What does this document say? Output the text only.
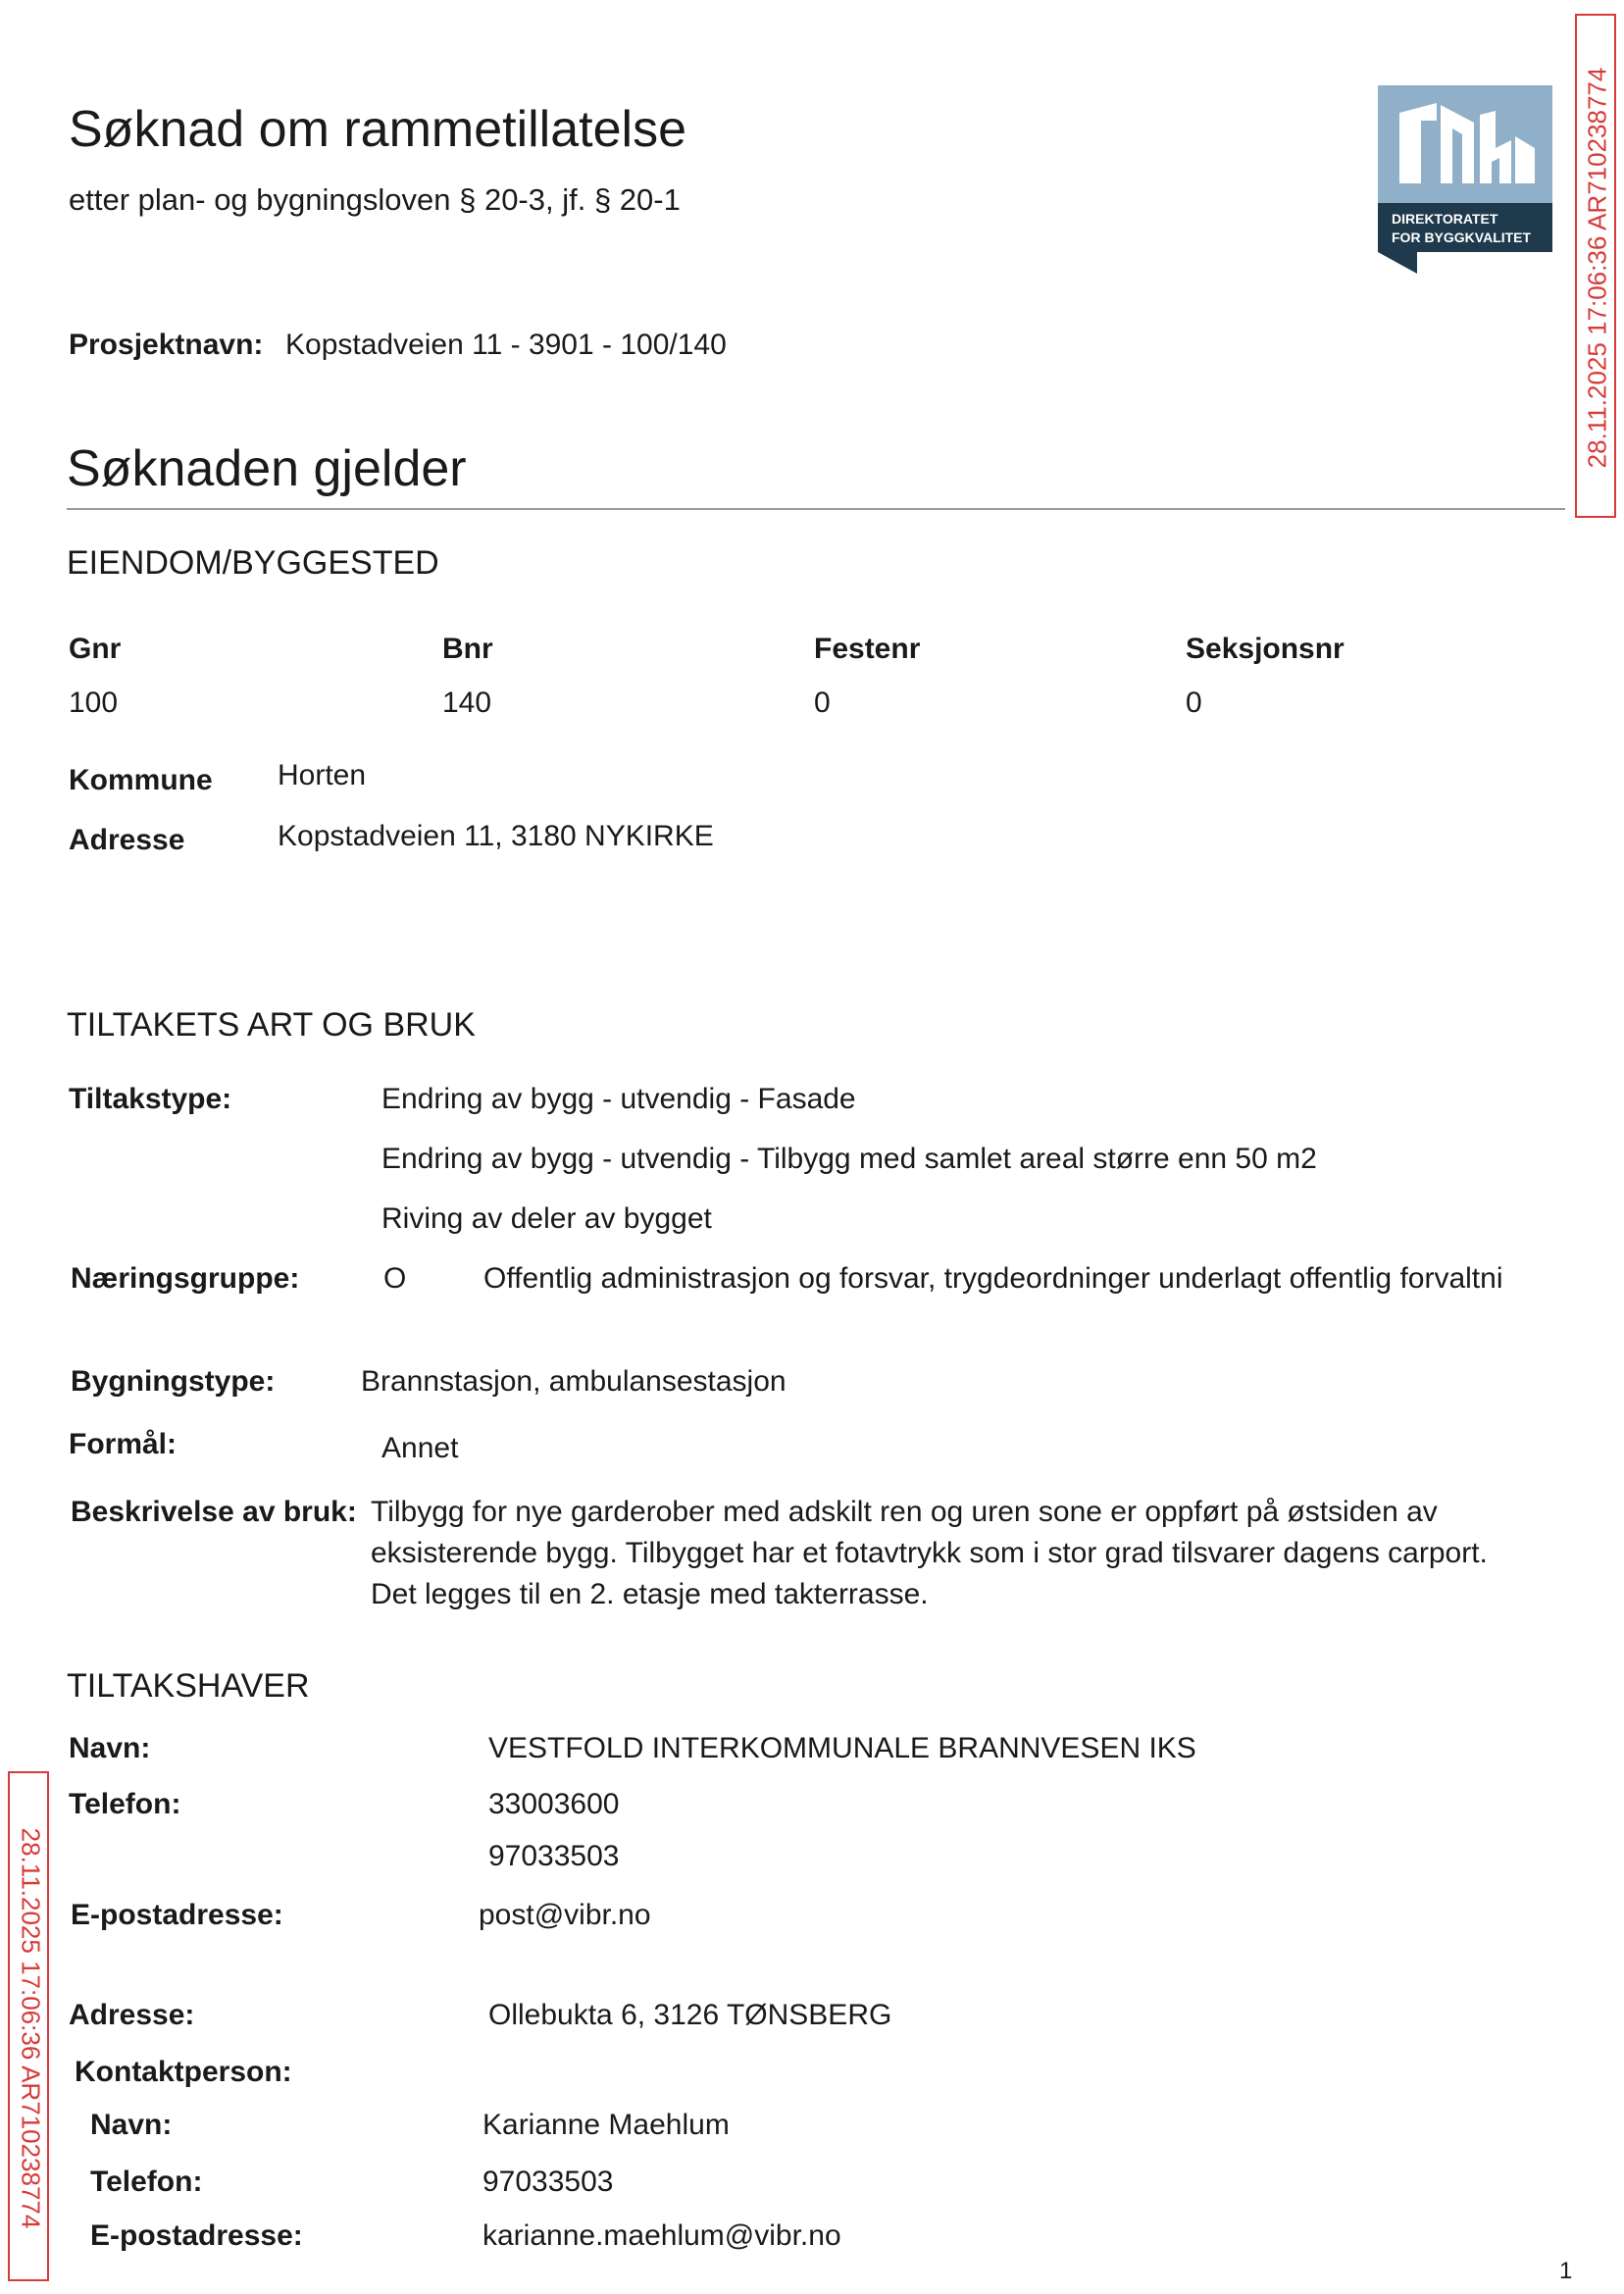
Søknad om rammetillatelse
etter plan- og bygningsloven § 20-3, jf. § 20-1
Prosjektnavn: Kopstadveien 11 - 3901 - 100/140
DIREKTORATET
FOR BYGGKVALITET 28.11.2025 17:06:36 AR710238774
28.11.2025 17:06:36 AR710238774
Søknaden gjelder
EIENDOM/BYGGESTED
Gnr	Bnr	Festenr	Seksjonsnr
100	140	0	0
Kommune Horten
Adresse	Kopstadveien 11, 3180 NYKIRKE
TILTAKETS ART OG BRUK
Tiltakstype:	Endring av bygg - utvendig - Fasade
Endring av bygg - utvendig - Tilbygg med samlet areal større enn 50 m2
Riving av deler av bygget
Næringsgruppe:	O	Offentlig administrasjon og forsvar, trygdeordninger underlagt offentlig forvaltni
Bygningstype:	Brannstasjon, ambulansestasjon
Formål:	Annet
Beskrivelse av bruk: Tilbygg for nye garderober med adskilt ren og uren sone er oppført på østsiden av
eksisterende bygg. Tilbygget har et fotavtrykk som i stor grad tilsvarer dagens carport.
Det legges til en 2. etasje med takterrasse.
TILTAKSHAVER
Navn:	VESTFOLD INTERKOMMUNALE BRANNVESEN IKS
Telefon:	33003600
97033503
E-postadresse:	post@vibr.no
Adresse:	Ollebukta 6, 3126 TØNSBERG
Kontaktperson:
Navn:	Karianne Maehlum
Telefon:	97033503
E-postadresse:	karianne.maehlum@vibr.no
1
